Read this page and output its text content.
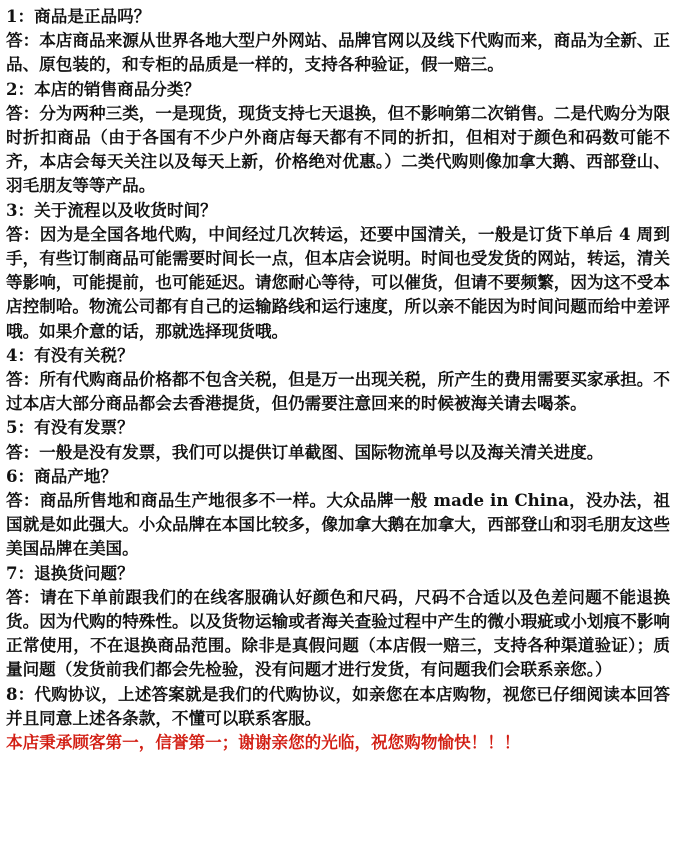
1：商品是正品吗？

答：本店商品来源从世界各地大型户外网站、品牌官网以及线下代购而来，商品为全新、正品、原包装的，和专柜的品质是一样的，支持各种验证，假一赔三。

2：本店的销售商品分类？

答：分为两种三类，一是现货，现货支持七天退换，但不影响第二次销售。二是代购分为限时折扣商品（由于各国有不少户外商店每天都有不同的折扣，但相对于颜色和码数可能不齐，本店会每天关注以及每天上新，价格绝对优惠。）二类代购则像加拿大鹅、西部登山、羽毛朋友等等产品。

3：关于流程以及收货时间？

答：因为是全国各地代购，中间经过几次转运，还要中国清关，一般是订货下单后 4 周到手，有些订制商品可能需要时间长一点，但本店会说明。时间也受发货的网站，转运，清关等影响，可能提前，也可能延迟。请您耐心等待，可以催货，但请不要频繁，因为这不受本店控制哈。物流公司都有自己的运输路线和运行速度，所以亲不能因为时间问题而给中差评哦。如果介意的话，那就选择现货哦。

4：有没有关税？

答：所有代购商品价格都不包含关税，但是万一出现关税，所产生的费用需要买家承担。不过本店大部分商品都会去香港提货，但仍需要注意回来的时候被海关请去喝茶。

5：有没有发票？

答：一般是没有发票，我们可以提供订单截图、国际物流单号以及海关清关进度。

6：商品产地？

答：商品所售地和商品生产地很多不一样。大众品牌一般 made in China，没办法，祖国就是如此强大。小众品牌在本国比较多，像加拿大鹅在加拿大，西部登山和羽毛朋友这些美国品牌在美国。

7：退换货问题？

答：请在下单前跟我们的在线客服确认好颜色和尺码，尺码不合适以及色差问题不能退换货。因为代购的特殊性。以及货物运输或者海关查验过程中产生的微小瑕疵或小划痕不影响正常使用，不在退换商品范围。除非是真假问题（本店假一赔三，支持各种渠道验证）；质量问题（发货前我们都会先检验，没有问题才进行发货，有问题我们会联系亲您。）

8：代购协议，上述答案就是我们的代购协议，如亲您在本店购物，视您已仔细阅读本回答并且同意上述各条款，不懂可以联系客服。

本店秉承顾客第一，信誉第一；谢谢亲您的光临，祝您购物愉快！！！
